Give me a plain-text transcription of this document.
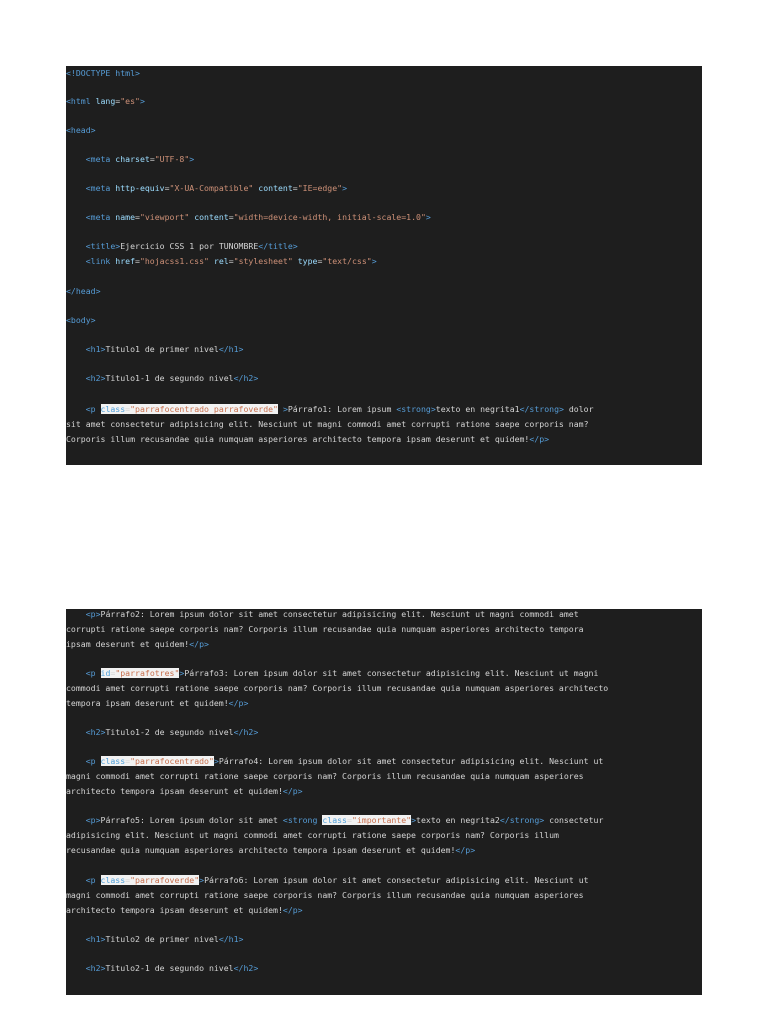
<!DOCTYPE html>
<html lang="es">
<head>
<meta charset="UTF-8">
<meta http-equiv="X-UA-Compatible" content="IE=edge">
<meta name="viewport" content="width=device-width, initial-scale=1.0">
<title>Ejercicio CSS 1 por TUNOMBRE</title>
<link href="hojacss1.css" rel="stylesheet" type="text/css">
</head>
<body>
<h1>Titulo1 de primer nivel</h1>
<h2>Titulo1-1 de segundo nivel</h2>
<p class="parrafocentrado parrafoverde" >Párrafo1: Lorem ipsum <strong>texto en negrita1</strong> dolor
sit amet consectetur adipisicing elit. Nesciunt ut magni commodi amet corrupti ratione saepe corporis nam?
Corporis illum recusandae quia numquam asperiores architecto tempora ipsam deserunt et quidem!</p>
<p>Párrafo2: Lorem ipsum dolor sit amet consectetur adipisicing elit. Nesciunt ut magni commodi amet
corrupti ratione saepe corporis nam? Corporis illum recusandae quia numquam asperiores architecto tempora
ipsam deserunt et quidem!</p>
<p id="parrafotres">Párrafo3: Lorem ipsum dolor sit amet consectetur adipisicing elit. Nesciunt ut magni
commodi amet corrupti ratione saepe corporis nam? Corporis illum recusandae quia numquam asperiores architecto
tempora ipsam deserunt et quidem!</p>
<h2>Titulo1-2 de segundo nivel</h2>
<p class="parrafocentrado">Párrafo4: Lorem ipsum dolor sit amet consectetur adipisicing elit. Nesciunt ut
magni commodi amet corrupti ratione saepe corporis nam? Corporis illum recusandae quia numquam asperiores
architecto tempora ipsam deserunt et quidem!</p>
<p>Párrafo5: Lorem ipsum dolor sit amet <strong class="importante">texto en negrita2</strong> consectetur
adipisicing elit. Nesciunt ut magni commodi amet corrupti ratione saepe corporis nam? Corporis illum
recusandae quia numquam asperiores architecto tempora ipsam deserunt et quidem!</p>
<p class="parrafoverde">Párrafo6: Lorem ipsum dolor sit amet consectetur adipisicing elit. Nesciunt ut
magni commodi amet corrupti ratione saepe corporis nam? Corporis illum recusandae quia numquam asperiores
architecto tempora ipsam deserunt et quidem!</p>
<h1>Titulo2 de primer nivel</h1>
<h2>Titulo2-1 de segundo nivel</h2>
